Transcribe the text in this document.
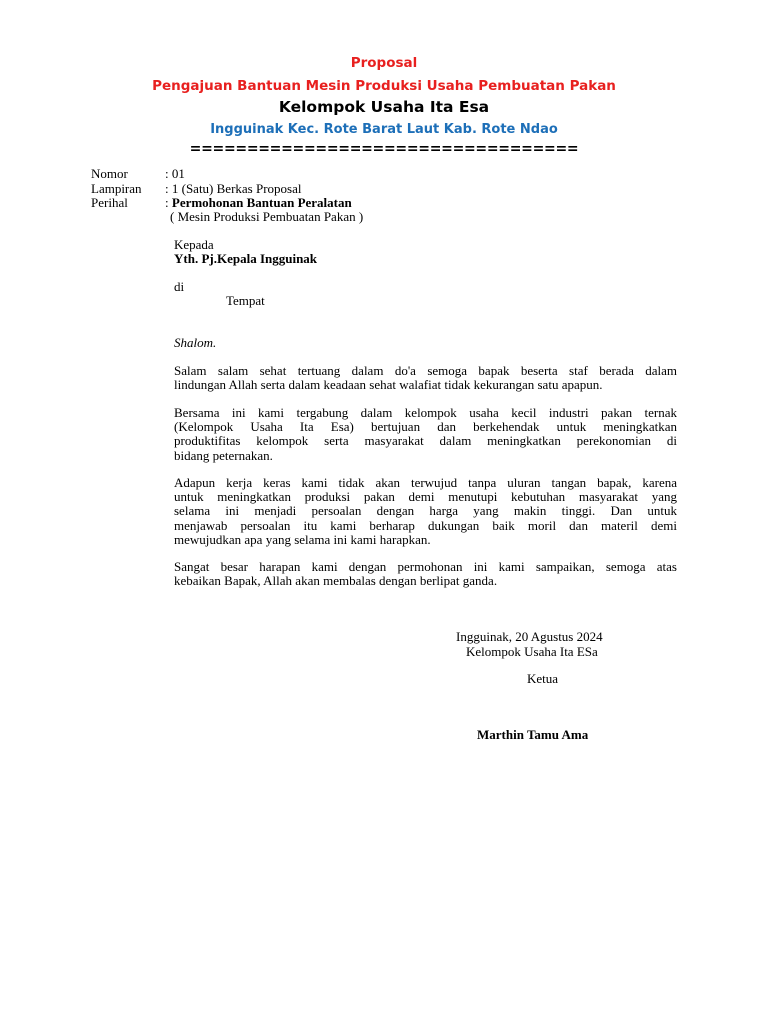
Proposal
Pengajuan Bantuan Mesin Produksi Usaha Pembuatan Pakan
Kelompok Usaha Ita Esa
Ingguinak Kec. Rote Barat Laut Kab. Rote Ndao
==================================
Nomor	: 01
Lampiran : 1 (Satu) Berkas Proposal
Perihal	: Permohonan Bantuan Peralatan
( Mesin Produksi Pembuatan Pakan )
Kepada
Yth. Pj.Kepala Ingguinak
di
Tempat
Shalom.
Salam salam sehat tertuang dalam do'a semoga bapak beserta staf berada dalam
lindungan Allah serta dalam keadaan sehat walafiat tidak kekurangan satu apapun.
Bersama ini kami tergabung dalam kelompok usaha kecil industri pakan ternak
(Kelompok Usaha Ita Esa) bertujuan dan berkehendak untuk meningkatkan
produktifitas kelompok serta masyarakat dalam meningkatkan perekonomian di
bidang peternakan.
Adapun kerja keras kami tidak akan terwujud tanpa uluran tangan bapak, karena
untuk meningkatkan produksi pakan demi menutupi kebutuhan masyarakat yang
selama ini menjadi persoalan dengan harga yang makin tinggi. Dan untuk
menjawab persoalan itu kami berharap dukungan baik moril dan materil demi
mewujudkan apa yang selama ini kami harapkan.
Sangat besar harapan kami dengan permohonan ini kami sampaikan, semoga atas
kebaikan Bapak, Allah akan membalas dengan berlipat ganda.
Ingguinak, 20 Agustus 2024
Kelompok Usaha Ita ESa
Ketua
Marthin Tamu Ama
